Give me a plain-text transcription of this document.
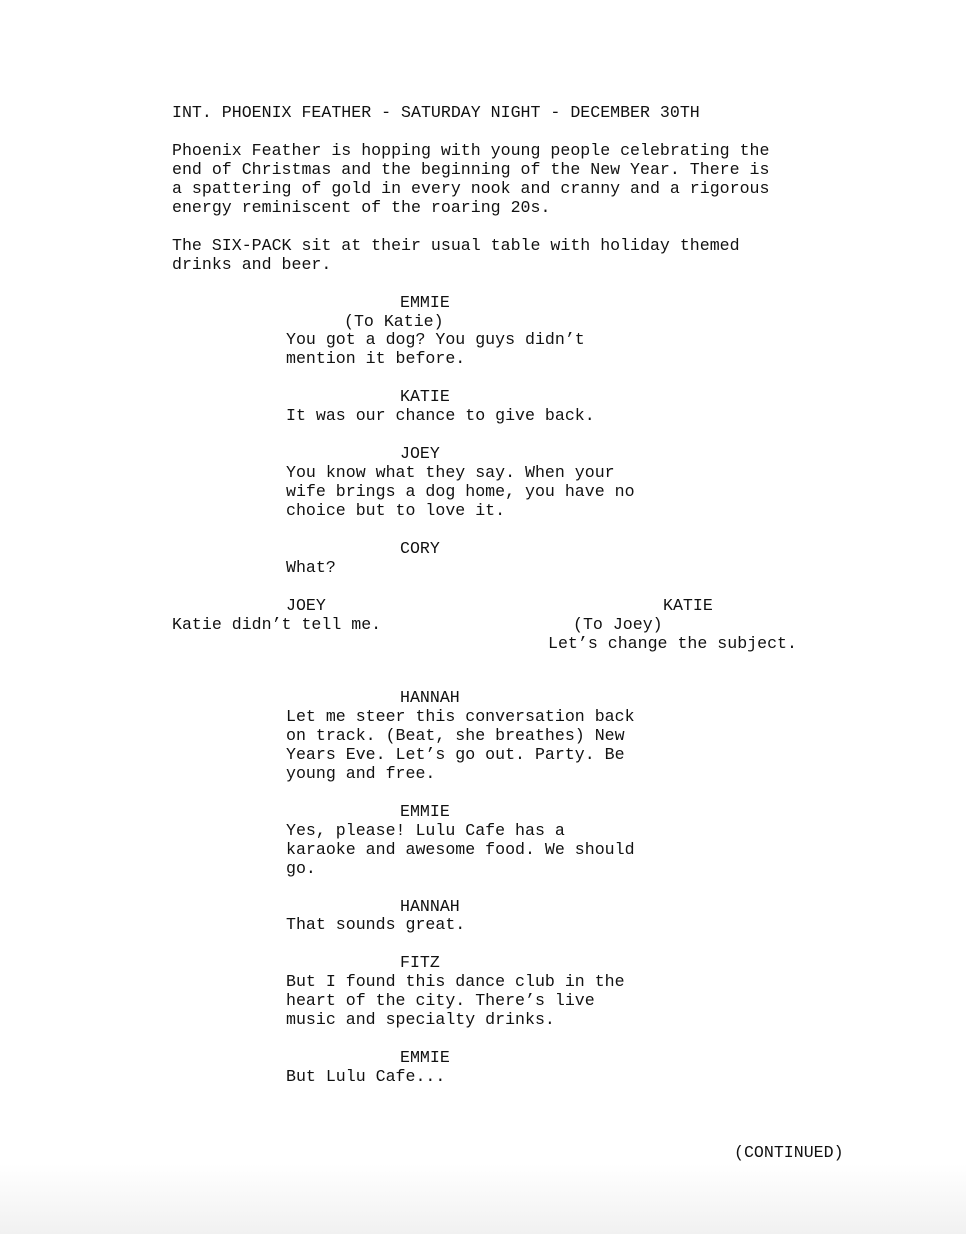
INT. PHOENIX FEATHER - SATURDAY NIGHT - DECEMBER 30TH

Phoenix Feather is hopping with young people celebrating the
end of Christmas and the beginning of the New Year. There is
a spattering of gold in every nook and cranny and a rigorous
energy reminiscent of the roaring 20s.

The SIX-PACK sit at their usual table with holiday themed
drinks and beer.

EMMIE

(To Katie)

You got a dog? You guys didn’t
mention it before.

KATIE

It was our chance to give back.

JOEY

You know what they say. When your
wife brings a dog home, you have no
choice but to love it.

CORY

What?

JOEY

Katie didn’t tell me.

KATIE

(To Joey)

Let’s change the subject.

HANNAH

Let me steer this conversation back
on track. (Beat, she breathes) New
Years Eve. Let’s go out. Party. Be
young and free.

EMMIE

Yes, please! Lulu Cafe has a
karaoke and awesome food. We should
go.

HANNAH

That sounds great.

FITZ

But I found this dance club in the
heart of the city. There’s live
music and specialty drinks.

EMMIE

But Lulu Cafe...

(CONTINUED)
